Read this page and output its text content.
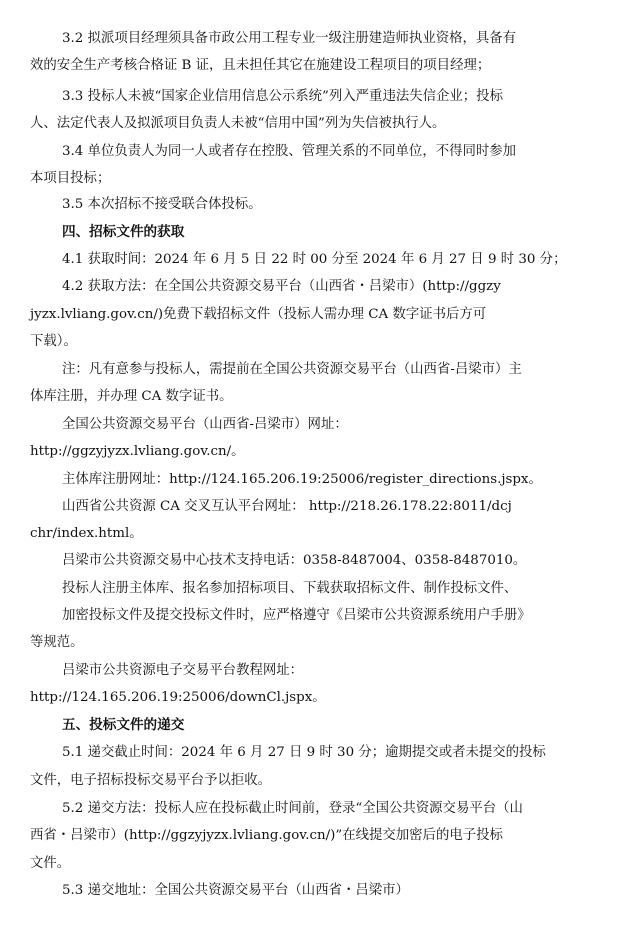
3.2 拟派项目经理须具备市政公用工程专业一级注册建造师执业资格，具备有
效的安全生产考核合格证 B 证，且未担任其它在施建设工程项目的项目经理；
3.3 投标人未被“国家企业信用信息公示系统”列入严重违法失信企业；投标
人、法定代表人及拟派项目负责人未被“信用中国”列为失信被执行人。
3.4 单位负责人为同一人或者存在控股、管理关系的不同单位，不得同时参加
本项目投标；
3.5 本次招标不接受联合体投标。
四、招标文件的获取
4.1 获取时间：2024 年 6 月 5 日 22 时 00 分至 2024 年 6 月 27 日 9 时 30 分；
4.2 获取方法：在全国公共资源交易平台（山西省・吕梁市）(http://ggzy
jyzx.lvliang.gov.cn/)免费下载招标文件（投标人需办理 CA 数字证书后方可
下载）。
注：凡有意参与投标人，需提前在全国公共资源交易平台（山西省-吕梁市）主
体库注册，并办理 CA 数字证书。
全国公共资源交易平台（山西省-吕梁市）网址：
http://ggzyjyzx.lvliang.gov.cn/。
主体库注册网址：http://124.165.206.19:25006/register_directions.jspx。
山西省公共资源 CA 交叉互认平台网址： http://218.26.178.22:8011/dcj
chr/index.html。
吕梁市公共资源交易中心技术支持电话：0358-8487004、0358-8487010。
投标人注册主体库、报名参加招标项目、下载获取招标文件、制作投标文件、
加密投标文件及提交投标文件时，应严格遵守《吕梁市公共资源系统用户手册》
等规范。
吕梁市公共资源电子交易平台教程网址：
http://124.165.206.19:25006/downCl.jspx。
五、投标文件的递交
5.1 递交截止时间：2024 年 6 月 27 日 9 时 30 分；逾期提交或者未提交的投标
文件，电子招标投标交易平台予以拒收。
5.2 递交方法：投标人应在投标截止时间前，登录“全国公共资源交易平台（山
西省・吕梁市）(http://ggzyjyzx.lvliang.gov.cn/)”在线提交加密后的电子投标
文件。
5.3 递交地址：全国公共资源交易平台（山西省・吕梁市）
